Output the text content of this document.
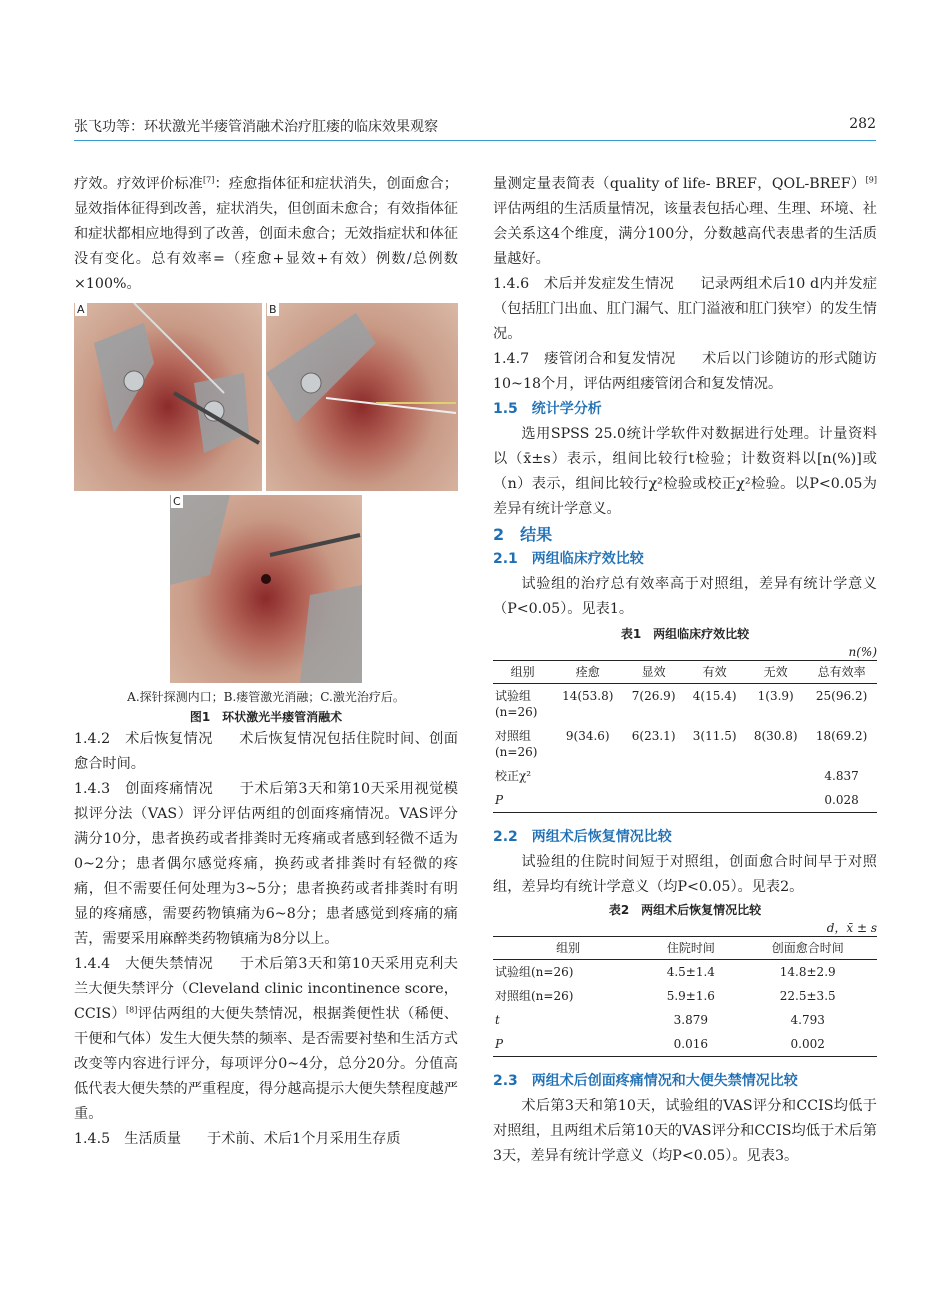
张飞功等：环状激光半瘘管消融术治疗肛瘘的临床效果观察	282

疗效。疗效评价标准[7]：痊愈指体征和症状消失，创面愈合；显效指体征得到改善，症状消失，但创面未愈合；有效指体征和症状都相应地得到了改善，创面未愈合；无效指症状和体征没有变化。总有效率=（痊愈+显效+有效）例数/总例数×100%。

A	B
C
A.探针探测内口；B.瘘管激光消融；C.激光治疗后。
图1　环状激光半瘘管消融术

1.4.2　术后恢复情况 术后恢复情况包括住院时间、创面愈合时间。

1.4.3　创面疼痛情况 于术后第3天和第10天采用视觉模拟评分法（VAS）评分评估两组的创面疼痛情况。VAS评分满分10分，患者换药或者排粪时无疼痛或者感到轻微不适为0~2分；患者偶尔感觉疼痛，换药或者排粪时有轻微的疼痛，但不需要任何处理为3~5分；患者换药或者排粪时有明显的疼痛感，需要药物镇痛为6~8分；患者感觉到疼痛的痛苦，需要采用麻醉类药物镇痛为8分以上。

1.4.4　大便失禁情况 于术后第3天和第10天采用克利夫兰大便失禁评分（Cleveland clinic incontinence score，CCIS）[8]评估两组的大便失禁情况，根据粪便性状（稀便、干便和气体）发生大便失禁的频率、是否需要衬垫和生活方式改变等内容进行评分，每项评分0~4分，总分20分。分值高低代表大便失禁的严重程度，得分越高提示大便失禁程度越严重。

1.4.5　生活质量 于术前、术后1个月采用生存质

量测定量表简表（quality of life- BREF，QOL-BREF）[9]评估两组的生活质量情况，该量表包括心理、生理、环境、社会关系这4个维度，满分100分，分数越高代表患者的生活质量越好。

1.4.6　术后并发症发生情况 记录两组术后10 d内并发症（包括肛门出血、肛门漏气、肛门溢液和肛门狭窄）的发生情况。

1.4.7　瘘管闭合和复发情况 术后以门诊随访的形式随访10~18个月，评估两组瘘管闭合和复发情况。

1.5　统计学分析

选用SPSS 25.0统计学软件对数据进行处理。计量资料以（x̄±s）表示，组间比较行t检验；计数资料以[n(%)]或（n）表示，组间比较行χ²检验或校正χ²检验。以P<0.05为差异有统计学意义。

2　结果

2.1　两组临床疗效比较

试验组的治疗总有效率高于对照组，差异有统计学意义（P<0.05）。见表1。

表1　两组临床疗效比较
n(%)
组别	痊愈	显效	有效	无效	总有效率
试验组
(n=26)	14(53.8)	7(26.9)	4(15.4)	1(3.9)	25(96.2)
对照组
(n=26)	9(34.6)	6(23.1)	3(11.5)	8(30.8)	18(69.2)
校正χ²					4.837
P					0.028

2.2　两组术后恢复情况比较

试验组的住院时间短于对照组，创面愈合时间早于对照组，差异均有统计学意义（均P<0.05）。见表2。

表2　两组术后恢复情况比较
d，x̄ ± s
组别	住院时间	创面愈合时间
试验组(n=26)	4.5±1.4	14.8±2.9
对照组(n=26)	5.9±1.6	22.5±3.5
t	3.879	4.793
P	0.016	0.002

2.3　两组术后创面疼痛情况和大便失禁情况比较

术后第3天和第10天，试验组的VAS评分和CCIS均低于对照组，且两组术后第10天的VAS评分和CCIS均低于术后第3天，差异有统计学意义（均P<0.05）。见表3。
